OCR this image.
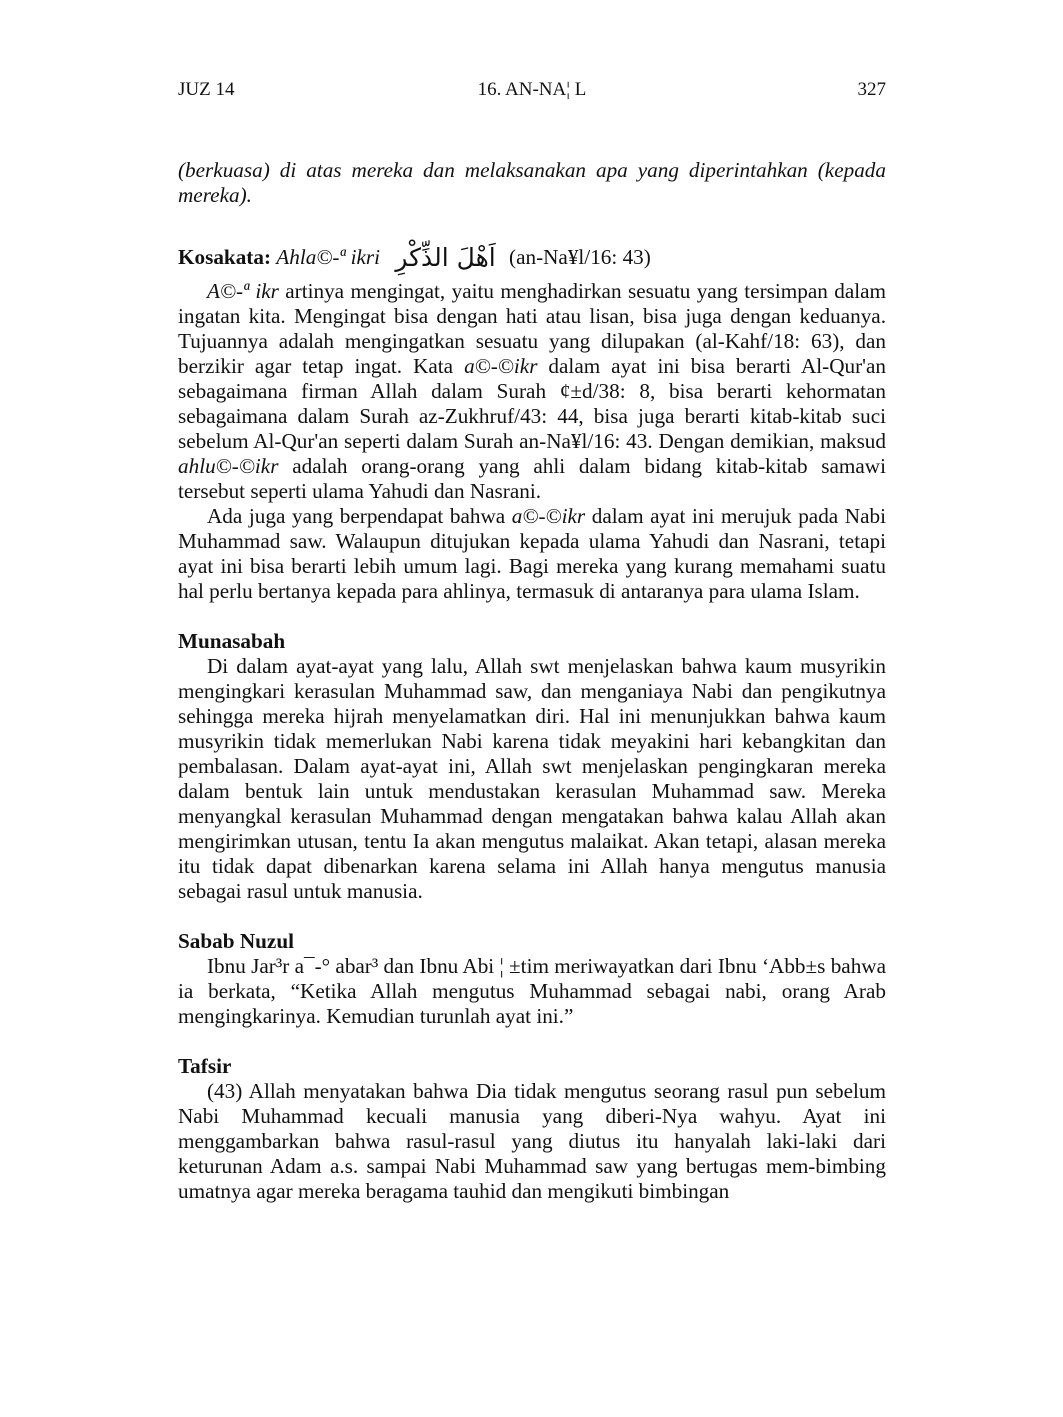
JUZ 14	16. AN-NA¦ L	327

(berkuasa) di atas mereka dan melaksanakan apa yang diperintahkan (kepada mereka).

Kosakata: Ahla©-ª ikri اَهْلَ الذِّكْرِ (an-Na¥l/16: 43)

A©-ª ikr artinya mengingat, yaitu menghadirkan sesuatu yang tersimpan dalam ingatan kita. Mengingat bisa dengan hati atau lisan, bisa juga dengan keduanya. Tujuannya adalah mengingatkan sesuatu yang dilupakan (al-Kahf/18: 63), dan berzikir agar tetap ingat. Kata a©-©ikr dalam ayat ini bisa berarti Al-Qur'an sebagaimana firman Allah dalam Surah ¢±d/38: 8, bisa berarti kehormatan sebagaimana dalam Surah az-Zukhruf/43: 44, bisa juga berarti kitab-kitab suci sebelum Al-Qur'an seperti dalam Surah an-Na¥l/16: 43. Dengan demikian, maksud ahlu©-©ikr adalah orang-orang yang ahli dalam bidang kitab-kitab samawi tersebut seperti ulama Yahudi dan Nasrani.

Ada juga yang berpendapat bahwa a©-©ikr dalam ayat ini merujuk pada Nabi Muhammad saw. Walaupun ditujukan kepada ulama Yahudi dan Nasrani, tetapi ayat ini bisa berarti lebih umum lagi. Bagi mereka yang kurang memahami suatu hal perlu bertanya kepada para ahlinya, termasuk di antaranya para ulama Islam.

Munasabah

Di dalam ayat-ayat yang lalu, Allah swt menjelaskan bahwa kaum musyrikin mengingkari kerasulan Muhammad saw, dan menganiaya Nabi dan pengikutnya sehingga mereka hijrah menyelamatkan diri. Hal ini menunjukkan bahwa kaum musyrikin tidak memerlukan Nabi karena tidak meyakini hari kebangkitan dan pembalasan. Dalam ayat-ayat ini, Allah swt menjelaskan pengingkaran mereka dalam bentuk lain untuk mendustakan kerasulan Muhammad saw. Mereka menyangkal kerasulan Muhammad dengan mengatakan bahwa kalau Allah akan mengirimkan utusan, tentu Ia akan mengutus malaikat. Akan tetapi, alasan mereka itu tidak dapat dibenarkan karena selama ini Allah hanya mengutus manusia sebagai rasul untuk manusia.

Sabab Nuzul

Ibnu Jar³r a¯-° abar³ dan Ibnu Abi ¦ ±tim meriwayatkan dari Ibnu ‘Abb±s bahwa ia berkata, “Ketika Allah mengutus Muhammad sebagai nabi, orang Arab mengingkarinya. Kemudian turunlah ayat ini.”

Tafsir

(43) Allah menyatakan bahwa Dia tidak mengutus seorang rasul pun sebelum Nabi Muhammad kecuali manusia yang diberi-Nya wahyu. Ayat ini menggambarkan bahwa rasul-rasul yang diutus itu hanyalah laki-laki dari keturunan Adam a.s. sampai Nabi Muhammad saw yang bertugas mem-bimbing umatnya agar mereka beragama tauhid dan mengikuti bimbingan
